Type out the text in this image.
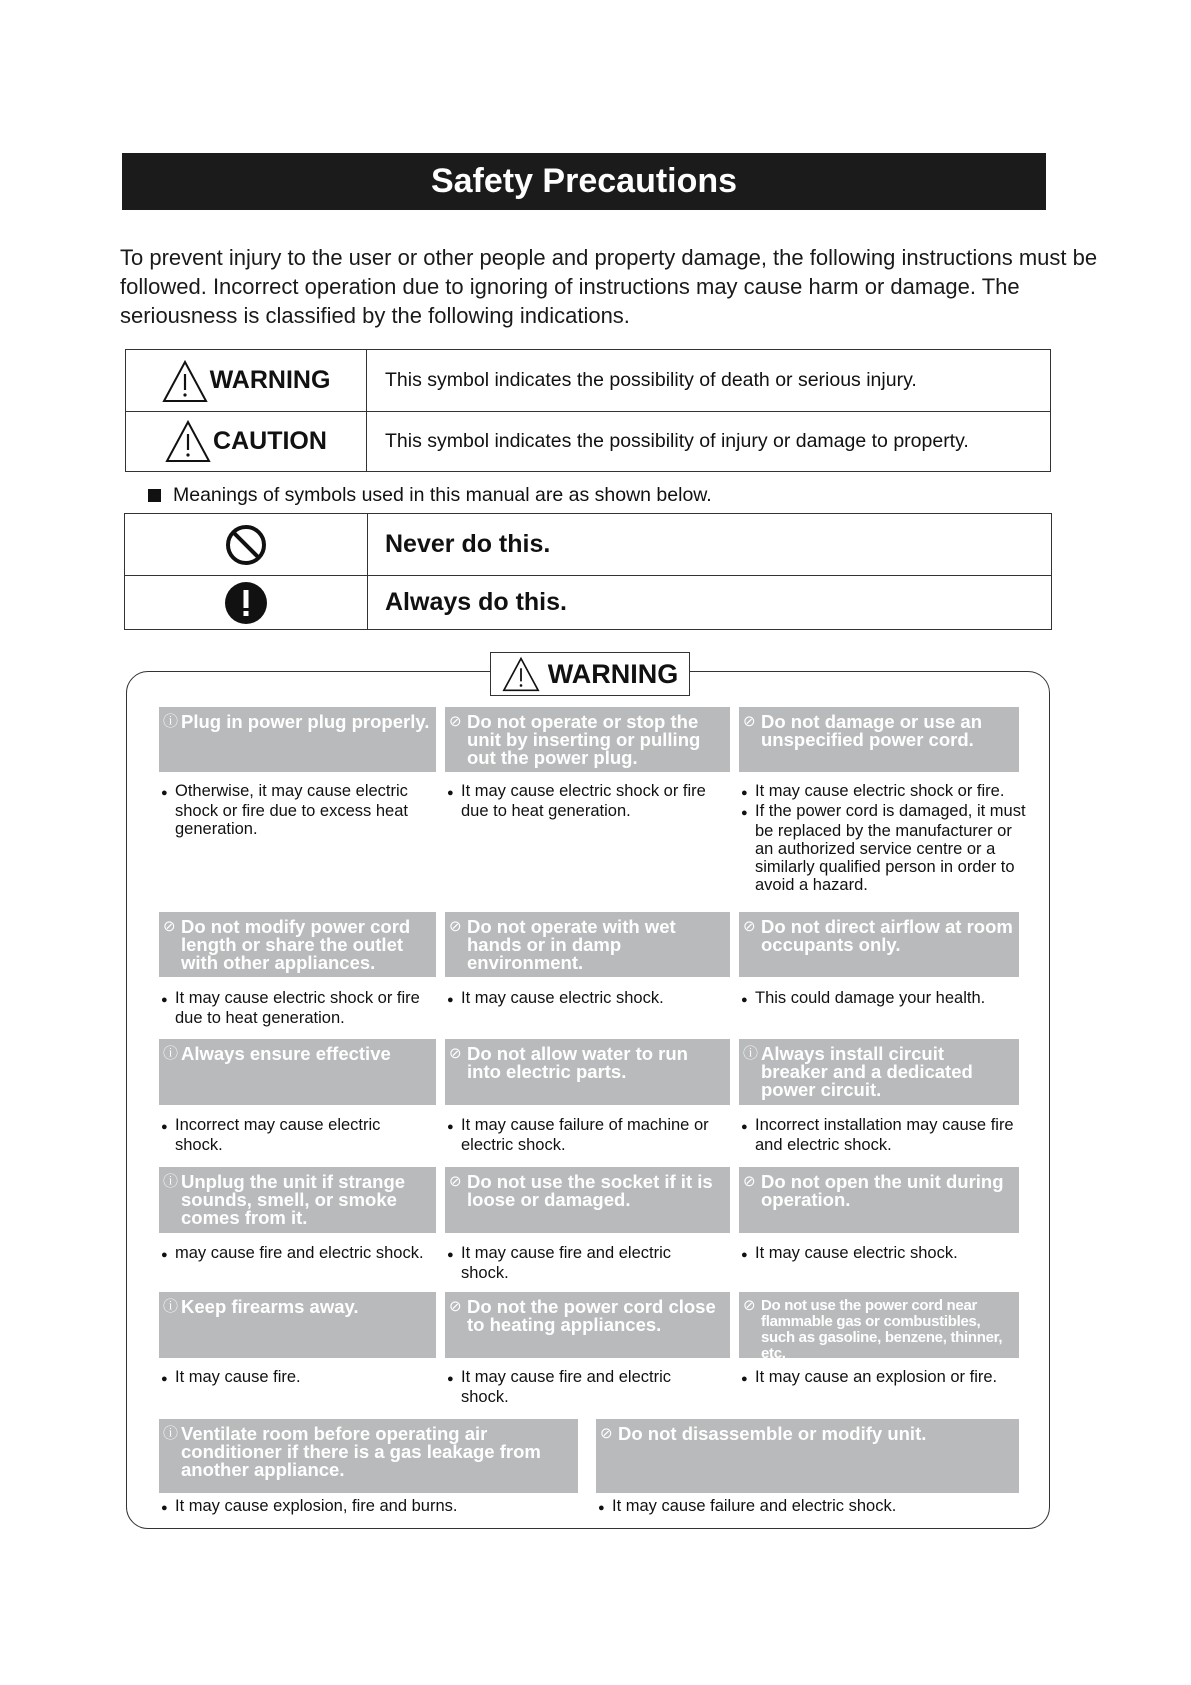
Safety Precautions
To prevent injury to the user or other people and property damage, the following instructions must be followed. Incorrect operation due to ignoring of instructions may cause harm or damage. The seriousness is classified by the following indications.
WARNING	This symbol indicates the possibility of death or serious injury.
CAUTION	This symbol indicates the possibility of injury or damage to property.
Meanings of symbols used in this manual are as shown below.
Never do this.
Always do this.
WARNING
ⓘ Plug in power plug properly.
● Otherwise, it may cause electric shock or fire due to excess heat generation.
⊘ Do not operate or stop the unit by inserting or pulling out the power plug.
● It may cause electric shock or fire due to heat generation.
⊘ Do not damage or use an unspecified power cord.
● It may cause electric shock or fire.
● If the power cord is damaged, it must be replaced by the manufacturer or an authorized service centre or a similarly qualified person in order to avoid a hazard.
⊘ Do not modify power cord length or share the outlet with other appliances.
● It may cause electric shock or fire due to heat generation.
⊘ Do not operate with wet hands or in damp environment.
● It may cause electric shock.
⊘ Do not direct airflow at room occupants only.
● This could damage your health.
ⓘ Always ensure effective
● Incorrect may cause electric shock.
⊘ Do not allow water to run into electric parts.
● It may cause failure of machine or electric shock.
ⓘ Always install circuit breaker and a dedicated power circuit.
● Incorrect installation may cause fire and electric shock.
ⓘ Unplug the unit if strange sounds, smell, or smoke comes from it.
● may cause fire and electric shock.
⊘ Do not use the socket if it is loose or damaged.
● It may cause fire and electric shock.
⊘ Do not open the unit during operation.
● It may cause electric shock.
ⓘ Keep firearms away.
● It may cause fire.
⊘ Do not the power cord close to heating appliances.
● It may cause fire and electric shock.
⊘ Do not use the power cord near flammable gas or combustibles, such as gasoline, benzene, thinner, etc.
● It may cause an explosion or fire.
ⓘ Ventilate room before operating air conditioner if there is a gas leakage from another appliance.
● It may cause explosion, fire and burns.
⊘ Do not disassemble or modify unit.
● It may cause failure and electric shock.
